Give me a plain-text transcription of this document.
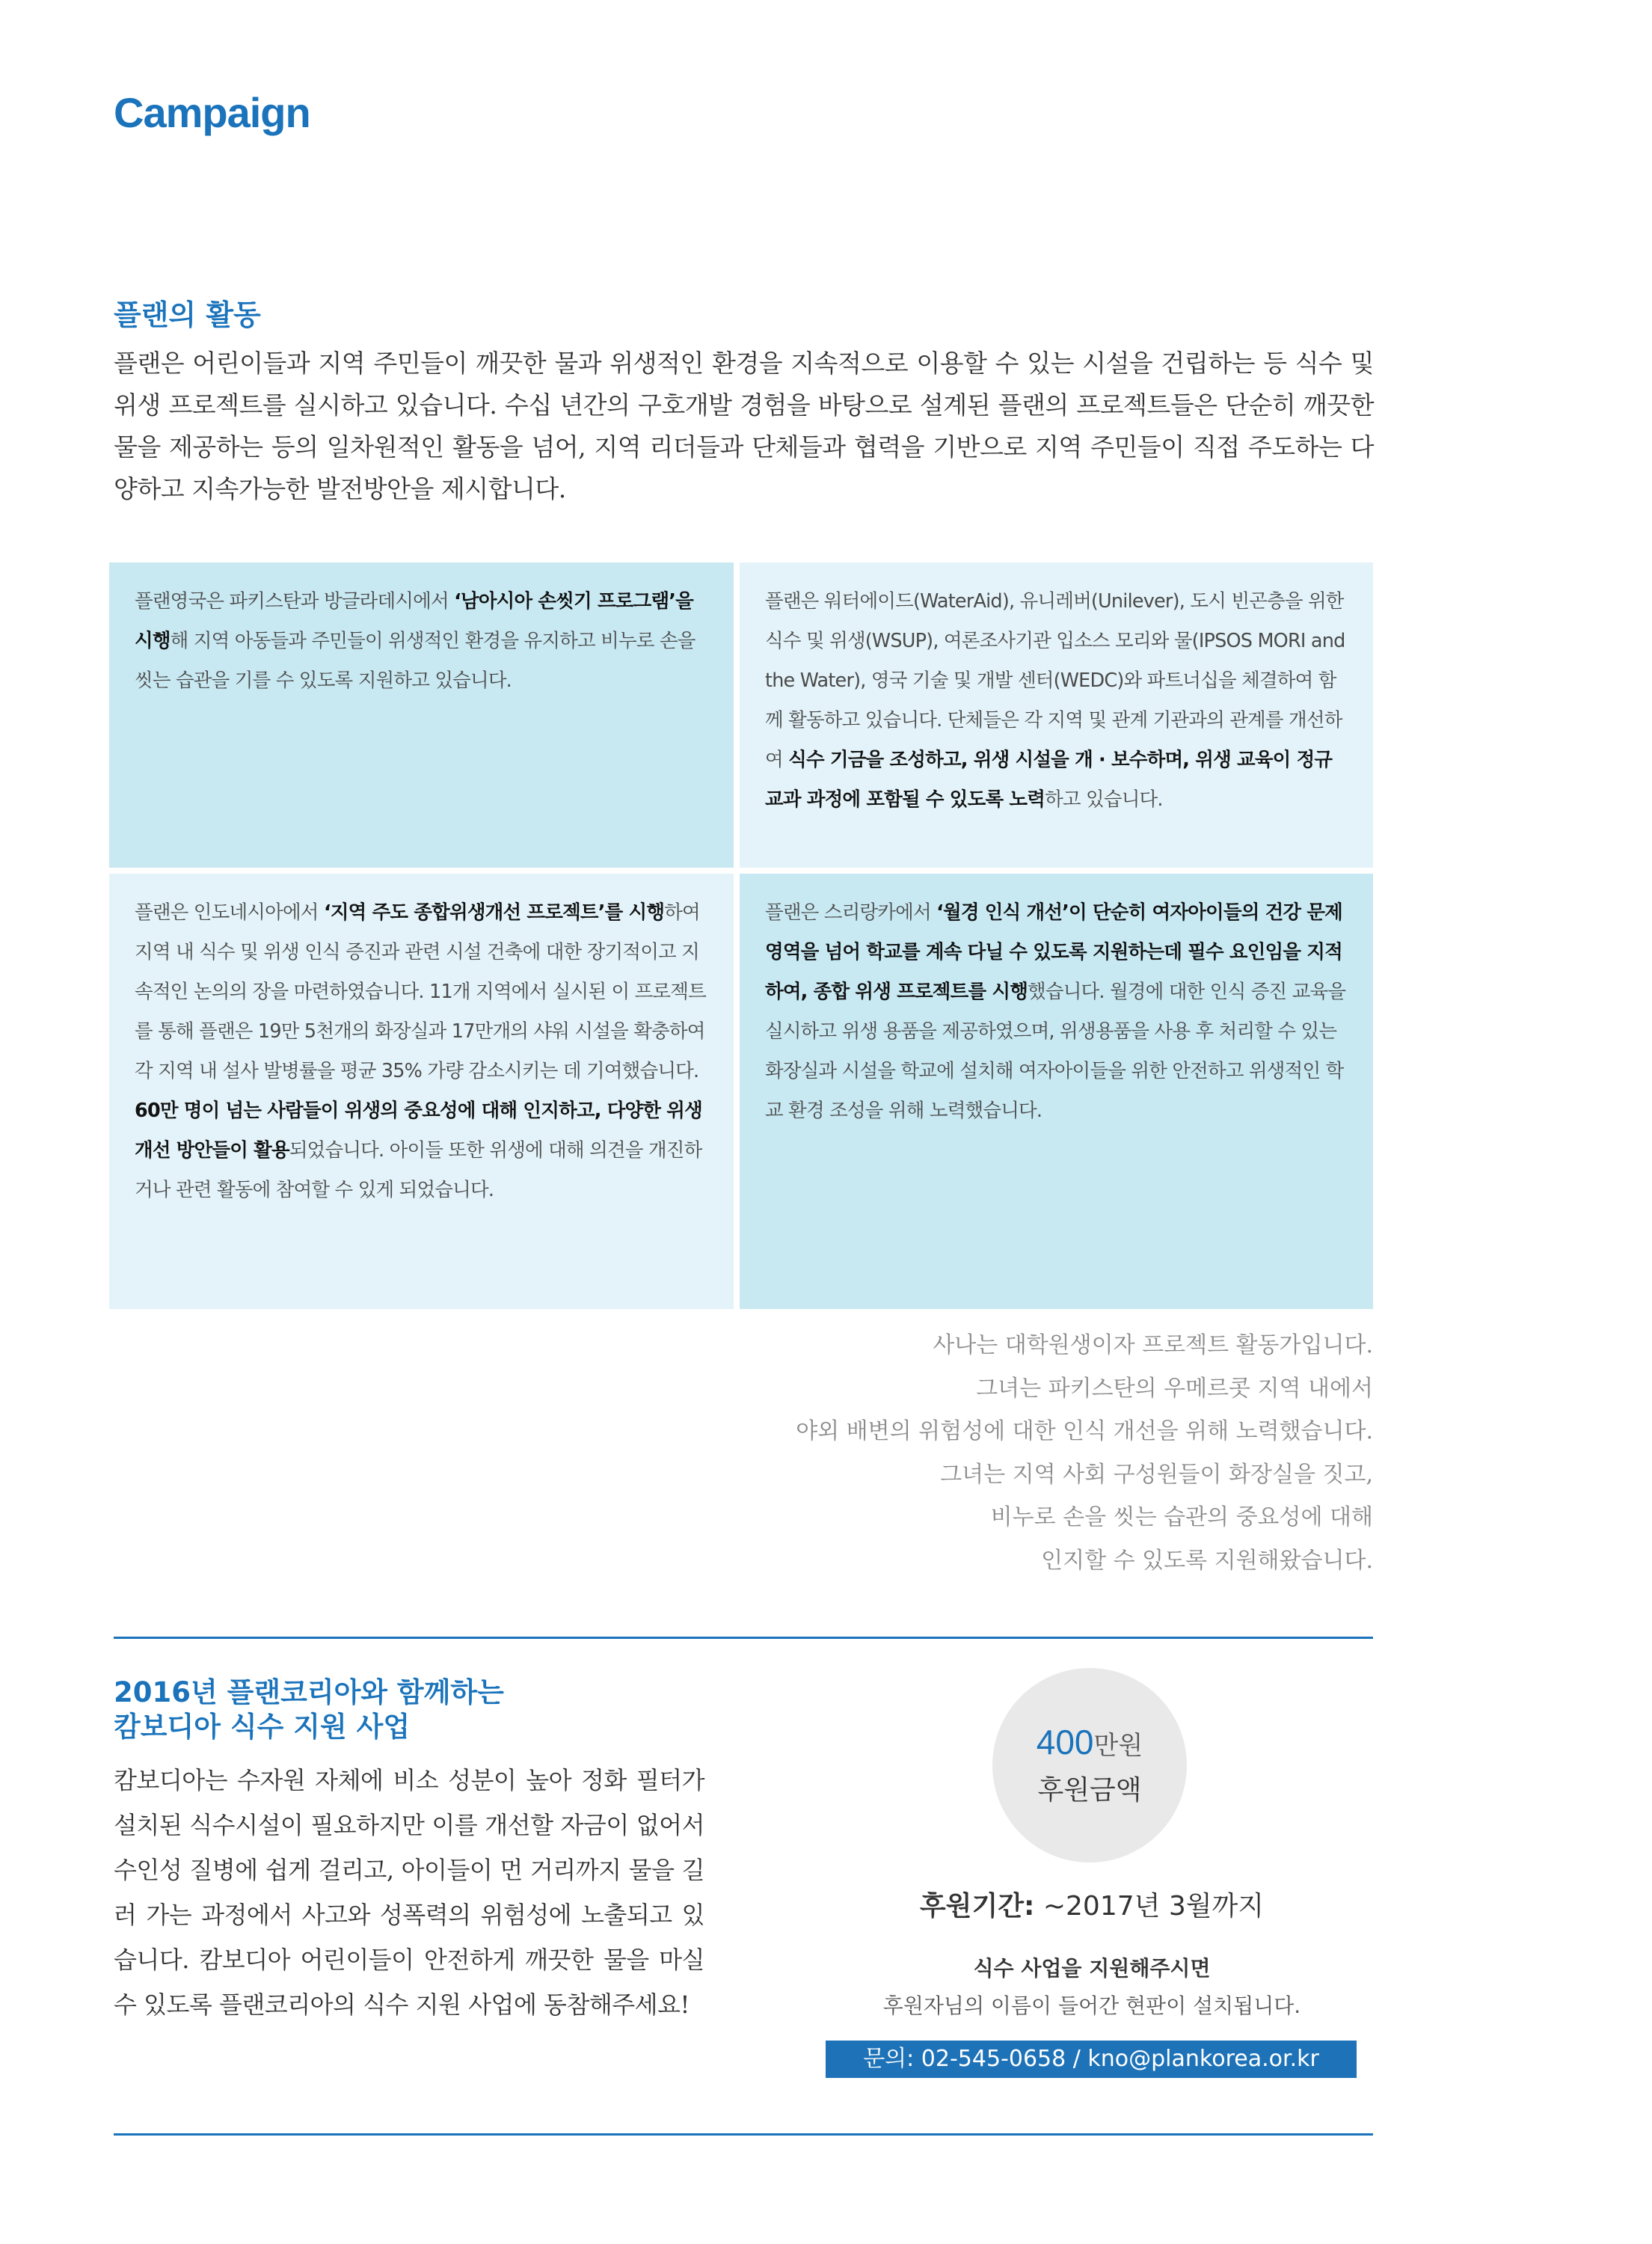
Campaign
플랜의 활동
플랜은 어린이들과 지역 주민들이 깨끗한 물과 위생적인 환경을 지속적으로 이용할 수 있는 시설을 건립하는 등 식수 및 위생 프로젝트를 실시하고 있습니다. 수십 년간의 구호개발 경험을 바탕으로 설계된 플랜의 프로젝트들은 단순히 깨끗한 물을 제공하는 등의 일차원적인 활동을 넘어, 지역 리더들과 단체들과 협력을 기반으로 지역 주민들이 직접 주도하는 다양하고 지속가능한 발전방안을 제시합니다.
플랜영국은 파키스탄과 방글라데시에서 ‘남아시아 손씻기 프로그램’을 시행해 지역 아동들과 주민들이 위생적인 환경을 유지하고 비누로 손을 씻는 습관을 기를 수 있도록 지원하고 있습니다.
플랜은 워터에이드(WaterAid), 유니레버(Unilever), 도시 빈곤층을 위한 식수 및 위생(WSUP), 여론조사기관 입소스 모리와 물(IPSOS MORI and the Water), 영국 기술 및 개발 센터(WEDC)와 파트너십을 체결하여 함께 활동하고 있습니다. 단체들은 각 지역 및 관계 기관과의 관계를 개선하여 식수 기금을 조성하고, 위생 시설을 개 · 보수하며, 위생 교육이 정규 교과 과정에 포함될 수 있도록 노력하고 있습니다.
플랜은 인도네시아에서 ‘지역 주도 종합위생개선 프로젝트’를 시행하여 지역 내 식수 및 위생 인식 증진과 관련 시설 건축에 대한 장기적이고 지속적인 논의의 장을 마련하였습니다. 11개 지역에서 실시된 이 프로젝트를 통해 플랜은 19만 5천개의 화장실과 17만개의 샤워 시설을 확충하여 각 지역 내 설사 발병률을 평균 35% 가량 감소시키는 데 기여했습니다. 60만 명이 넘는 사람들이 위생의 중요성에 대해 인지하고, 다양한 위생 개선 방안들이 활용되었습니다. 아이들 또한 위생에 대해 의견을 개진하거나 관련 활동에 참여할 수 있게 되었습니다.
플랜은 스리랑카에서 ‘월경 인식 개선’이 단순히 여자아이들의 건강 문제 영역을 넘어 학교를 계속 다닐 수 있도록 지원하는데 필수 요인임을 지적하여, 종합 위생 프로젝트를 시행했습니다. 월경에 대한 인식 증진 교육을 실시하고 위생 용품을 제공하였으며, 위생용품을 사용 후 처리할 수 있는 화장실과 시설을 학교에 설치해 여자아이들을 위한 안전하고 위생적인 학교 환경 조성을 위해 노력했습니다.
사나는 대학원생이자 프로젝트 활동가입니다.
그녀는 파키스탄의 우메르콧 지역 내에서
야외 배변의 위험성에 대한 인식 개선을 위해 노력했습니다.
그녀는 지역 사회 구성원들이 화장실을 짓고,
비누로 손을 씻는 습관의 중요성에 대해
인지할 수 있도록 지원해왔습니다.
2016년 플랜코리아와 함께하는
캄보디아 식수 지원 사업
캄보디아는 수자원 자체에 비소 성분이 높아 정화 필터가 설치된 식수시설이 필요하지만 이를 개선할 자금이 없어서 수인성 질병에 쉽게 걸리고, 아이들이 먼 거리까지 물을 길러 가는 과정에서 사고와 성폭력의 위험성에 노출되고 있습니다. 캄보디아 어린이들이 안전하게 깨끗한 물을 마실 수 있도록 플랜코리아의 식수 지원 사업에 동참해주세요!
400만원
후원금액
후원기간: ~2017년 3월까지
식수 사업을 지원해주시면
후원자님의 이름이 들어간 현판이 설치됩니다.
문의: 02-545-0658 / kno@plankorea.or.kr
